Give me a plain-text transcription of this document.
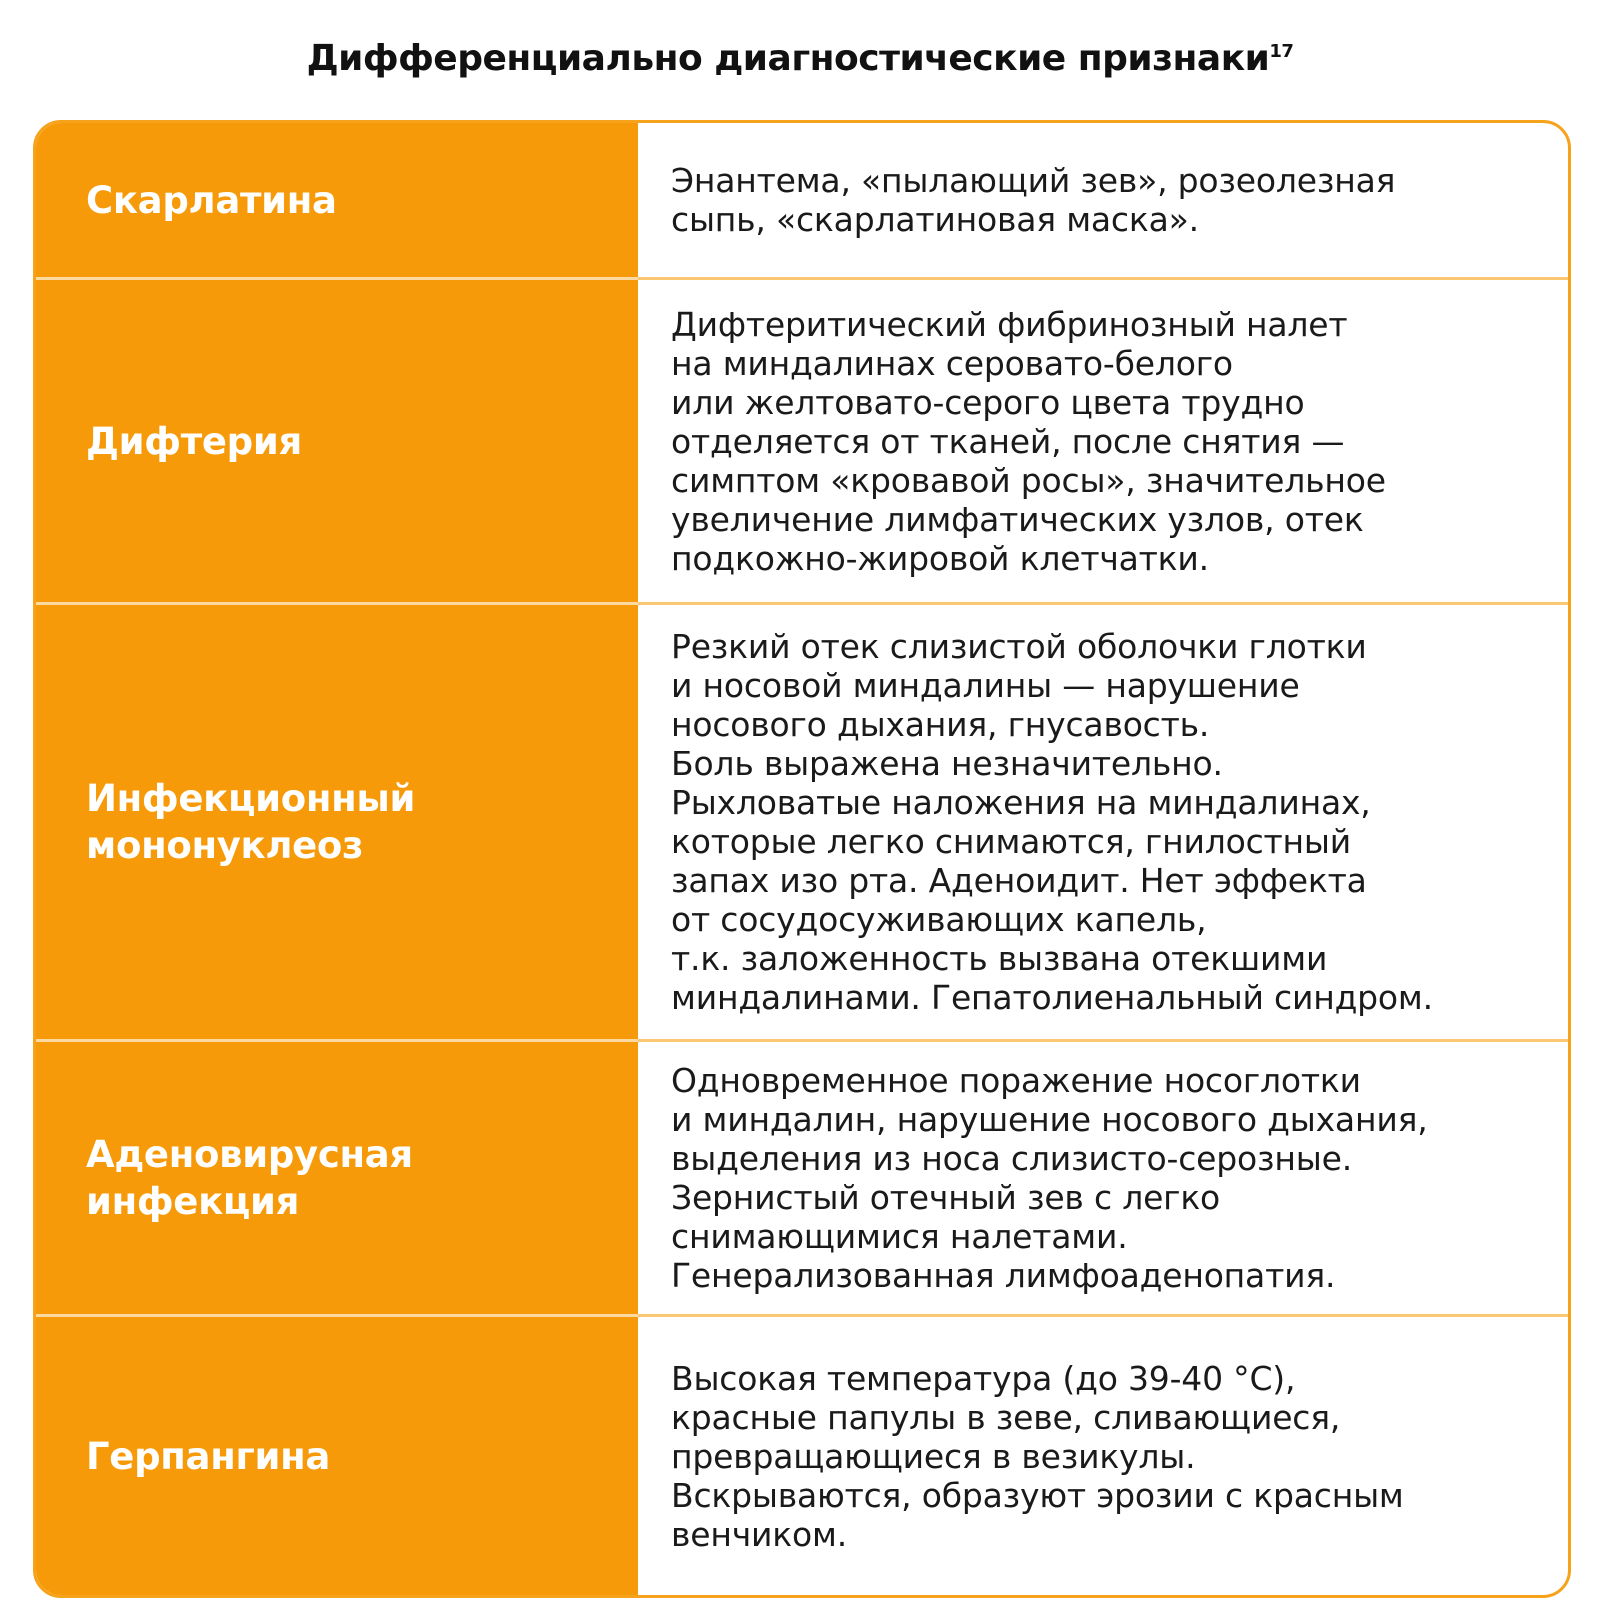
Дифференциально диагностические признаки$^{17}$
Скарлатина	Энантема, «пылающий зев», розеолезная
сыпь, «скарлатиновая маска».
Дифтерия
Дифтеритический фибринозный налет
на миндалинах серовато-белого
или желтовато-серого цвета трудно
отделяется от тканей, после снятия —
симптом «кровавой росы», значительное
увеличение лимфатических узлов, отек
подкожно-жировой клетчатки.
Инфекционный
мононуклеоз
Резкий отек слизистой оболочки глотки
и носовой миндалины — нарушение
носового дыхания, гнусавость.
Боль выражена незначительно.
Рыхловатые наложения на миндалинах,
которые легко снимаются, гнилостный
запах изо рта. Аденоидит. Нет эффекта
от сосудосуживающих капель,
т.к. заложенность вызвана отекшими
миндалинами. Гепатолиенальный синдром.
Аденовирусная
инфекция
Одновременное поражение носоглотки
и миндалин, нарушение носового дыхания,
выделения из носа слизисто-серозные.
Зернистый отечный зев с легко
снимающимися налетами.
Генерализованная лимфоаденопатия.
Герпангина
Высокая температура (до 39-40 °С),
красные папулы в зеве, сливающиеся,
превращающиеся в везикулы.
Вскрываются, образуют эрозии с красным
венчиком.
